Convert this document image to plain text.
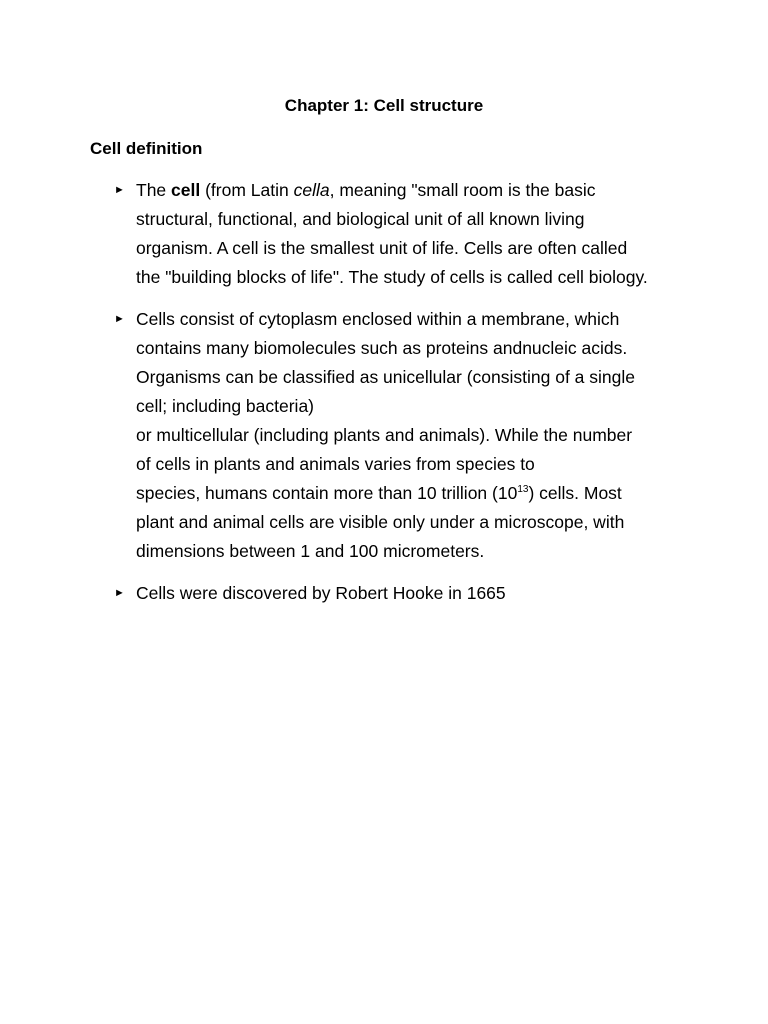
Chapter 1: Cell structure
Cell definition
► The cell (from Latin cella, meaning "small room is the basic
structural, functional, and biological unit of all known living
organism. A cell is the smallest unit of life. Cells are often called
the "building blocks of life". The study of cells is called cell biology.
► Cells consist of cytoplasm enclosed within a membrane, which
contains many biomolecules such as proteins andnucleic acids.
Organisms can be classified as unicellular (consisting of a single
cell; including bacteria)
or multicellular (including plants and animals). While the number
of cells in plants and animals varies from species to
species, humans contain more than 10 trillion $(10^{13})$ cells. Most
plant and animal cells are visible only under a microscope, with
dimensions between 1 and 100 micrometers.
► Cells were discovered by Robert Hooke in 1665
